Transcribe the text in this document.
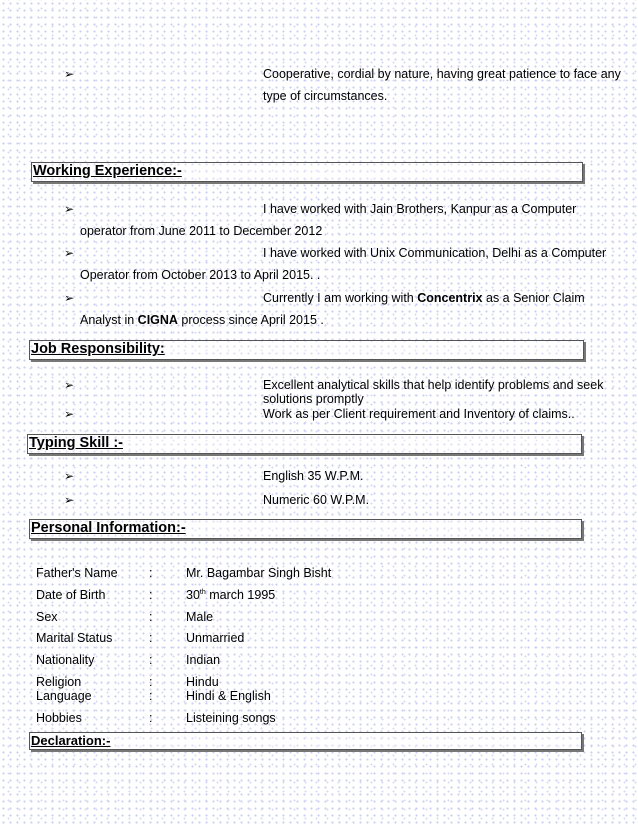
➢	Cooperative, cordial by nature, having great patience to face any
type of circumstances.
Working Experience:-
➢	I have worked with Jain Brothers, Kanpur as a Computer
operator from June 2011 to December 2012
➢	I have worked with Unix Communication, Delhi as a Computer
Operator from October 2013 to April 2015. .
➢	Currently I am working with Concentrix as a Senior Claim
Analyst in CIGNA process since April 2015 .
Job Responsibility:
➢	Excellent analytical skills that help identify problems and seek
solutions promptly
➢	Work as per Client requirement and Inventory of claims..
Typing Skill :-
➢	English 35 W.P.M.
➢	Numeric 60 W.P.M.
Personal Information:-
Father's Name	:	Mr. Bagambar Singh Bisht
Date of Birth	:	30th march 1995
Sex	:	Male
Marital Status	:	Unmarried
Nationality	:	Indian
Religion	:	Hindu
Language	:	Hindi & English
Hobbies	:	Listeining songs
Declaration:-
